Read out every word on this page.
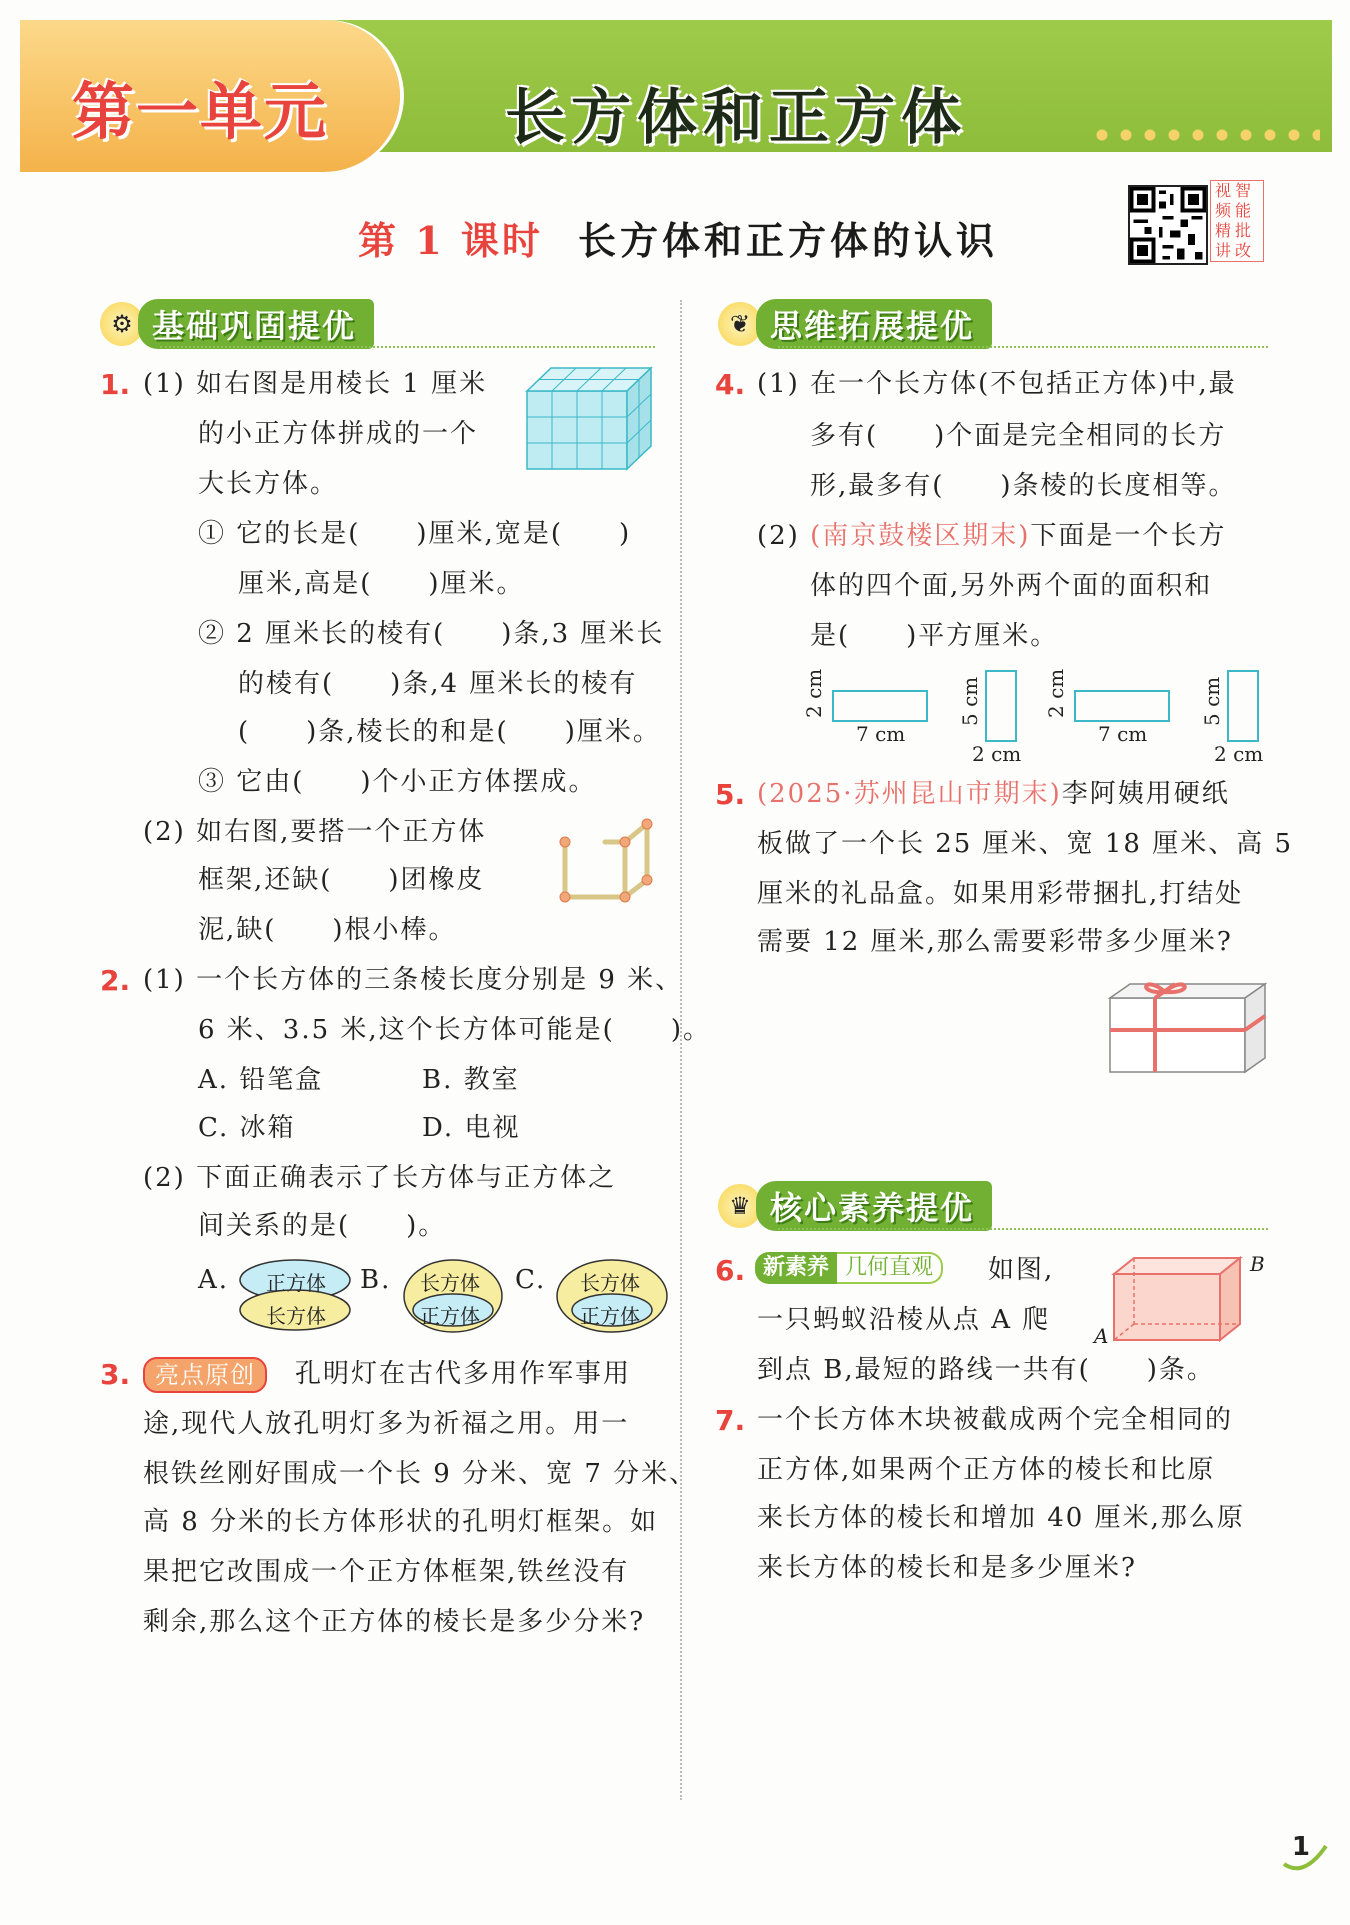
第一单元	长方体和正方体
第 1 课时 长方体和正方体的认识
视 智
频 能
精 批
讲 改
⚙ 基础巩固提优	❦ 思维拓展提优
♛ 核心素养提优
1. (1) 如右图是用棱长 1 厘米
的小正方体拼成的一个
大长方体。
① 它的长是(　　)厘米,宽是(　　)
厘米,高是(　　)厘米。
② 2 厘米长的棱有(　　)条,3 厘米长
的棱有(　　)条,4 厘米长的棱有
(　　)条,棱长的和是(　　)厘米。
③ 它由(　　)个小正方体摆成。
(2) 如右图,要搭一个正方体
框架,还缺(　　)团橡皮
泥,缺(　　)根小棒。
2. (1) 一个长方体的三条棱长度分别是 9 米、
6 米、3.5 米,这个长方体可能是(　　)。
A. 铅笔盒	B. 教室
C. 冰箱	D. 电视
(2) 下面正确表示了长方体与正方体之
间关系的是(　　)。
A. 正方体
长方体
B. 长方体
正方体
C. 长方体
正方体
3.	亮点原创	孔明灯在古代多用作军事用
途,现代人放孔明灯多为祈福之用。用一
根铁丝刚好围成一个长 9 分米、宽 7 分米、
高 8 分米的长方体形状的孔明灯框架。如
果把它改围成一个正方体框架,铁丝没有
剩余,那么这个正方体的棱长是多少分米?
4. (1) 在一个长方体(不包括正方体)中,最
多有(　　)个面是完全相同的长方
形,最多有(　　)条棱的长度相等。
(2) (南京鼓楼区期末)下面是一个长方
体的四个面,另外两个面的面积和
是(　　)平方厘米。
2 cm
7 cm
5 cm
2 cm
2 cm
7 cm
5 cm
2 cm
5. (2025·苏州昆山市期末)李阿姨用硬纸
板做了一个长 25 厘米、宽 18 厘米、高 5
厘米的礼品盒。如果用彩带捆扎,打结处
需要 12 厘米,那么需要彩带多少厘米?
6. 新素养 几何直观	如图,
一只蚂蚁沿棱从点 A 爬
到点 B,最短的路线一共有(　　)条。
A
B
7. 一个长方体木块被截成两个完全相同的
正方体,如果两个正方体的棱长和比原
来长方体的棱长和增加 40 厘米,那么原
来长方体的棱长和是多少厘米?
1
